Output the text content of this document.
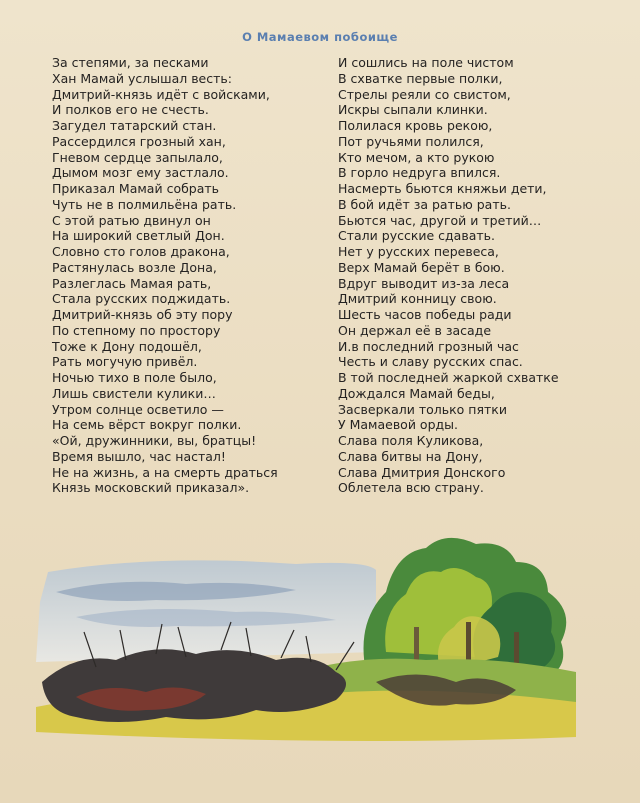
О Мамаевом побоище
За степями, за песками
Хан Мамай услышал весть:
Дмитрий-князь идёт с войсками,
И полков его не счесть.
Загудел татарский стан.
Рассердился грозный хан,
Гневом сердце запылало,
Дымом мозг ему застлало.
Приказал Мамай собрать
Чуть не в полмильёна рать.
С этой ратью двинул он
На широкий светлый Дон.
Словно сто голов дракона,
Растянулась возле Дона,
Разлеглась Мамая рать,
Стала русских поджидать.
Дмитрий-князь об эту пору
По степному по простору
Тоже к Дону подошёл,
Рать могучую привёл.
Ночью тихо в поле было,
Лишь свистели кулики…
Утром солнце осветило —
На семь вёрст вокруг полки.
«Ой, дружинники, вы, братцы!
Время вышло, час настал!
Не на жизнь, а на смерть драться
Князь московский приказал».
И сошлись на поле чистом
В схватке первые полки,
Стрелы реяли со свистом,
Искры сыпали клинки.
Полилася кровь рекою,
Пот ручьями полился,
Кто мечом, а кто рукою
В горло недруга впился.
Насмерть бьются княжьи дети,
В бой идёт за ратью рать.
Бьются час, другой и третий…
Стали русские сдавать.
Нет у русских перевеса,
Верх Мамай берёт в бою.
Вдруг выводит из-за леса
Дмитрий конницу свою.
Шесть часов победы ради
Он держал её в засаде
И.в последний грозный час
Честь и славу русских спас.
В той последней жаркой схватке
Дождался Мамай беды,
Засверкали только пятки
У Мамаевой орды.
Слава поля Куликова,
Слава битвы на Дону,
Слава Дмитрия Донского
Облетела всю страну.
